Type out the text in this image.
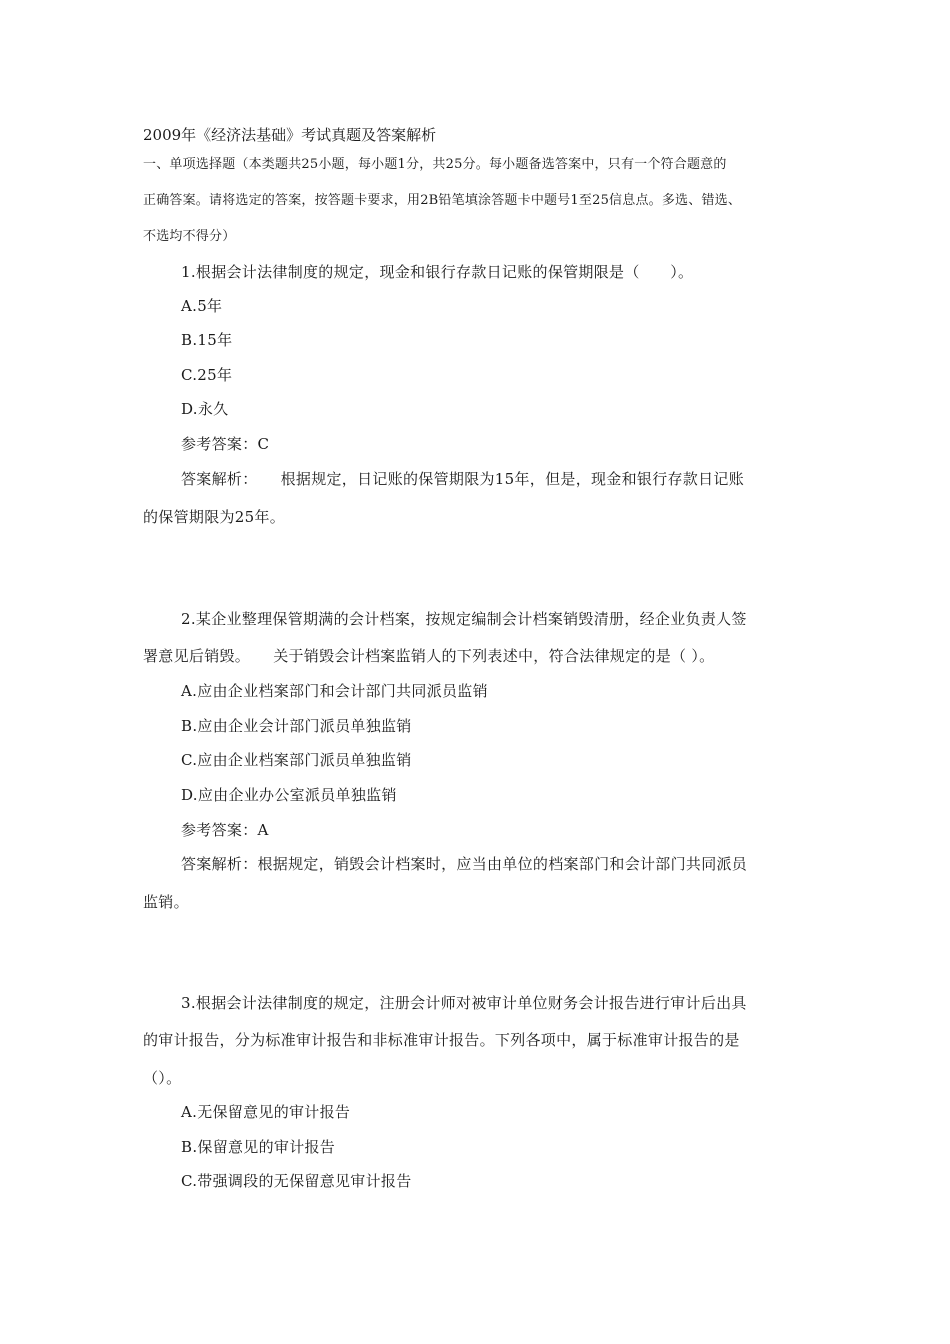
2009年《经济法基础》考试真题及答案解析
一、单项选择题（本类题共25小题，每小题1分，共25分。每小题备选答案中，只有一个符合题意的
正确答案。请将选定的答案，按答题卡要求，用2B铅笔填涂答题卡中题号1至25信息点。多选、错选、
不选均不得分）
1.根据会计法律制度的规定，现金和银行存款日记账的保管期限是（　　）。
A.5年
B.15年
C.25年
D.永久
参考答案：C
答案解析：　　根据规定，日记账的保管期限为15年，但是，现金和银行存款日记账
的保管期限为25年。
2.某企业整理保管期满的会计档案，按规定编制会计档案销毁清册，经企业负责人签
署意见后销毁。　　关于销毁会计档案监销人的下列表述中，符合法律规定的是（ ）。
A.应由企业档案部门和会计部门共同派员监销
B.应由企业会计部门派员单独监销
C.应由企业档案部门派员单独监销
D.应由企业办公室派员单独监销
参考答案：A
答案解析：根据规定，销毁会计档案时，应当由单位的档案部门和会计部门共同派员
监销。
3.根据会计法律制度的规定，注册会计师对被审计单位财务会计报告进行审计后出具
的审计报告，分为标准审计报告和非标准审计报告。下列各项中，属于标准审计报告的是
（）。
A.无保留意见的审计报告
B.保留意见的审计报告
C.带强调段的无保留意见审计报告
